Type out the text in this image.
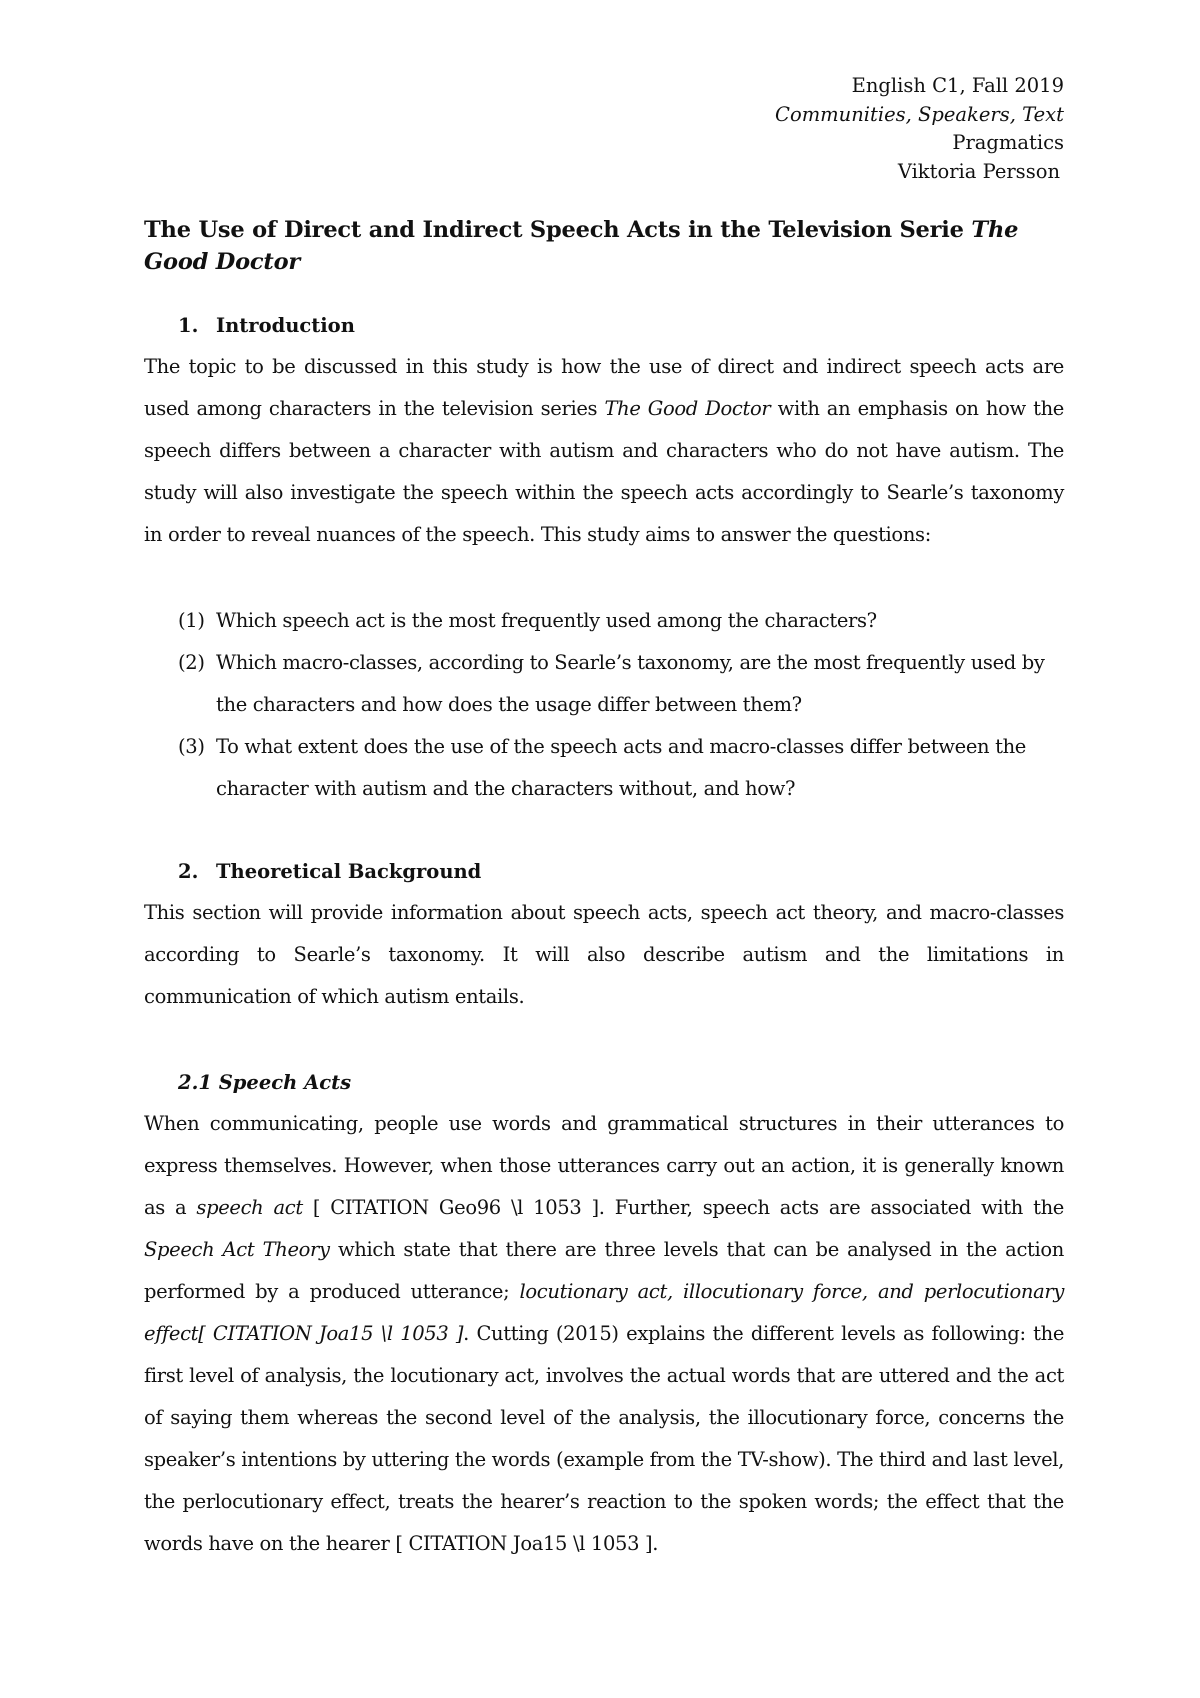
English C1, Fall 2019
Communities, Speakers, Text
Pragmatics
Viktoria Persson
The Use of Direct and Indirect Speech Acts in the Television Serie The Good Doctor
1. Introduction

The topic to be discussed in this study is how the use of direct and indirect speech acts are used among characters in the television series The Good Doctor with an emphasis on how the speech differs between a character with autism and characters who do not have autism. The study will also investigate the speech within the speech acts accordingly to Searle’s taxonomy in order to reveal nuances of the speech. This study aims to answer the questions:

(1) Which speech act is the most frequently used among the characters?
(2) Which macro-classes, according to Searle’s taxonomy, are the most frequently used by the characters and how does the usage differ between them?
(3) To what extent does the use of the speech acts and macro-classes differ between the character with autism and the characters without, and how?
2. Theoretical Background

This section will provide information about speech acts, speech act theory, and macro-classes according to Searle’s taxonomy. It will also describe autism and the limitations in communication of which autism entails.

2.1 Speech Acts

When communicating, people use words and grammatical structures in their utterances to express themselves. However, when those utterances carry out an action, it is generally known as a speech act [ CITATION Geo96 \l 1053 ]. Further, speech acts are associated with the Speech Act Theory which state that there are three levels that can be analysed in the action performed by a produced utterance; locutionary act, illocutionary force, and perlocutionary effect[ CITATION Joa15 \l 1053 ]. Cutting (2015) explains the different levels as following: the first level of analysis, the locutionary act, involves the actual words that are uttered and the act of saying them whereas the second level of the analysis, the illocutionary force, concerns the speaker’s intentions by uttering the words (example from the TV-show). The third and last level, the perlocutionary effect, treats the hearer’s reaction to the spoken words; the effect that the words have on the hearer [ CITATION Joa15 \l 1053 ].
